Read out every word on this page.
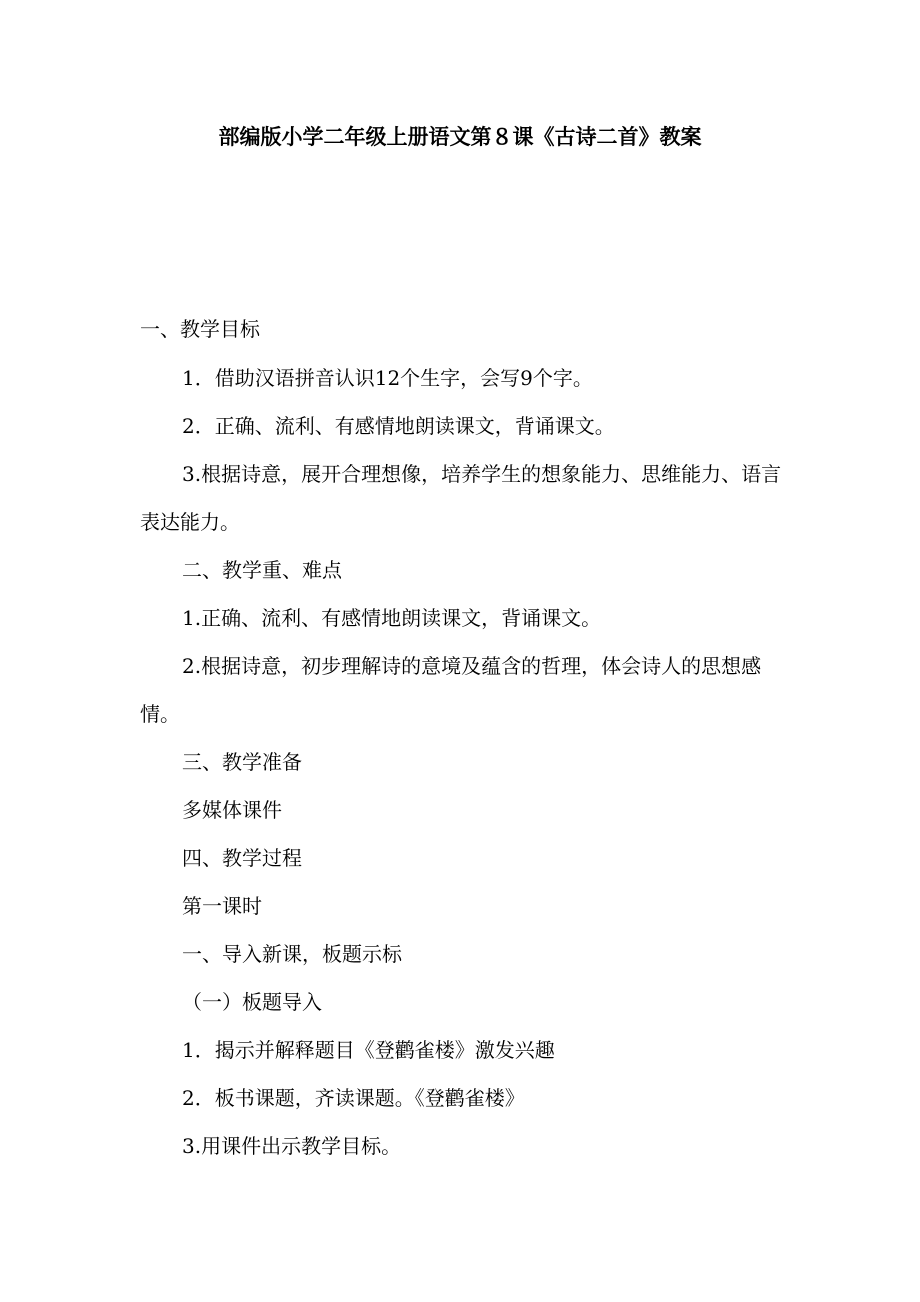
部编版小学二年级上册语文第８课《古诗二首》教案

一、教学目标

1．借助汉语拼音认识12个生字，会写9个字。

2．正确、流利、有感情地朗读课文，背诵课文。

3.根据诗意，展开合理想像，培养学生的想象能力、思维能力、语言表达能力。

二、教学重、难点

1.正确、流利、有感情地朗读课文，背诵课文。

2.根据诗意，初步理解诗的意境及蕴含的哲理，体会诗人的思想感情。

三、教学准备

多媒体课件

四、教学过程

第一课时

一、导入新课，板题示标

（一）板题导入

1．揭示并解释题目《登鹳雀楼》激发兴趣

2．板书课题，齐读课题。《登鹳雀楼》

3.用课件出示教学目标。
